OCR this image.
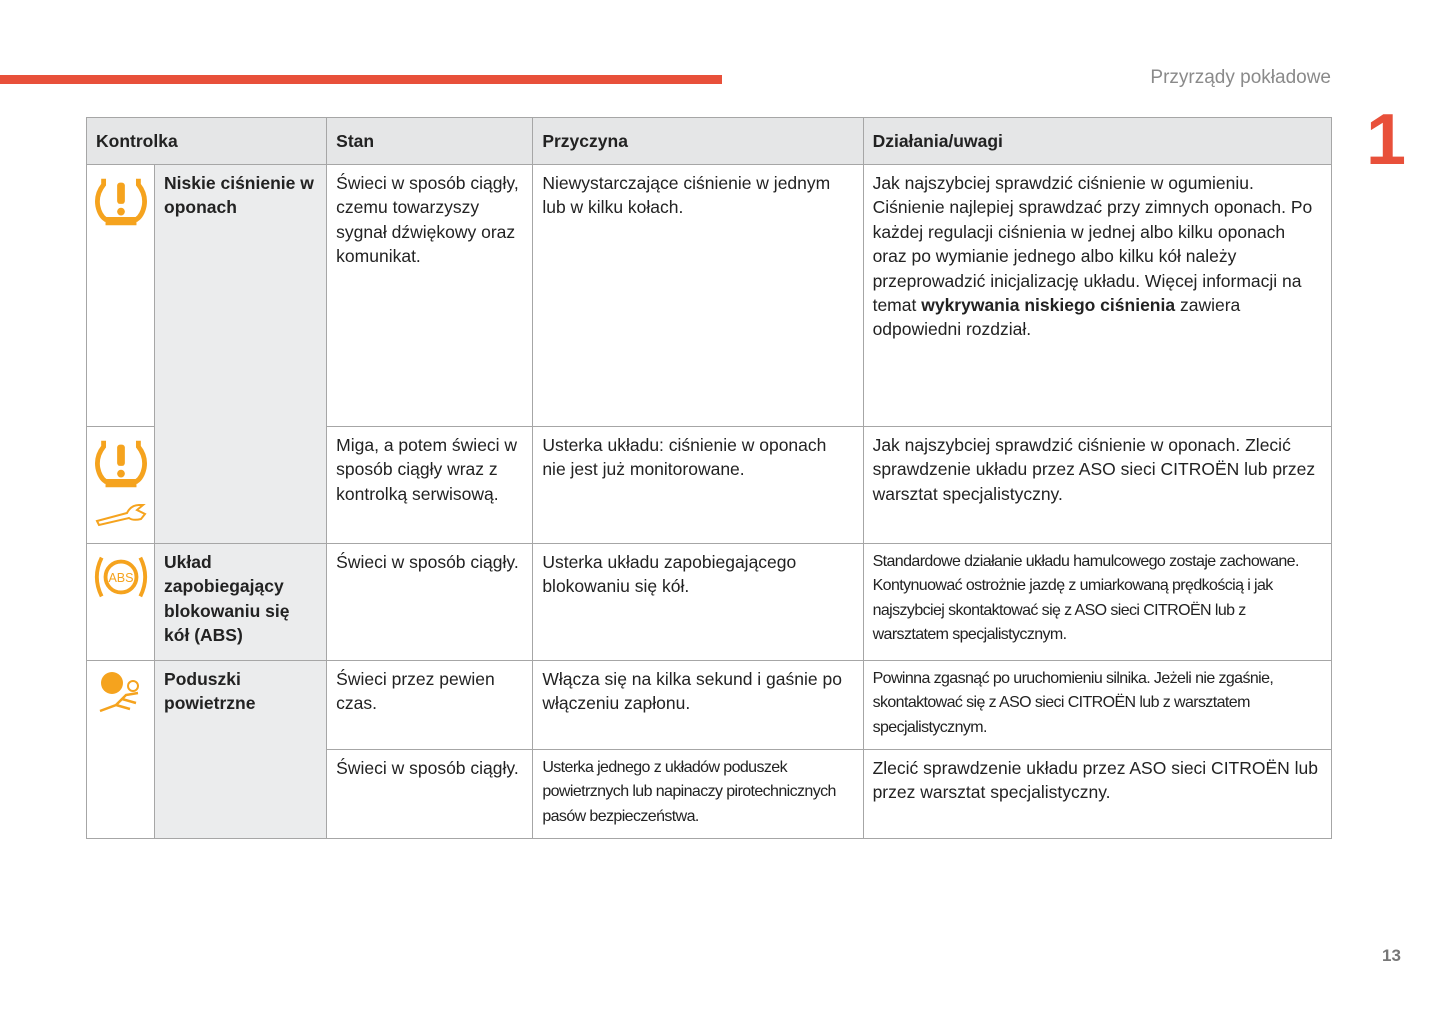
Przyrządy pokładowe
1
Kontrolka		Stan	Przyczyna	Działania/uwagi
	Niskie ciśnienie w oponach	Świeci w sposób ciągły, czemu towarzyszy sygnał dźwiękowy oraz komunikat.	Niewystarczające ciśnienie w jednym lub w kilku kołach.	Jak najszybciej sprawdzić ciśnienie w ogumieniu. Ciśnienie najlepiej sprawdzać przy zimnych oponach. Po każdej regulacji ciśnienia w jednej albo kilku oponach oraz po wymianie jednego albo kilku kół należy przeprowadzić inicjalizację układu. Więcej informacji na temat wykrywania niskiego ciśnienia zawiera odpowiedni rozdział.
	Miga, a potem świeci w sposób ciągły wraz z kontrolką serwisową.	Usterka układu: ciśnienie w oponach nie jest już monitorowane.	Jak najszybciej sprawdzić ciśnienie w oponach. Zlecić sprawdzenie układu przez ASO sieci CITROËN lub przez warsztat specjalistyczny.

ABS	Układ zapobiegający blokowaniu się kół (ABS)	Świeci w sposób ciągły.	Usterka układu zapobiegającego blokowaniu się kół.	Standardowe działanie układu hamulcowego zostaje zachowane. Kontynuować ostrożnie jazdę z umiarkowaną prędkością i jak najszybciej skontaktować się z ASO sieci CITROËN lub z warsztatem specjalistycznym.
	Poduszki powietrzne	Świeci przez pewien czas.	Włącza się na kilka sekund i gaśnie po włączeniu zapłonu.	Powinna zgasnąć po uruchomieniu silnika. Jeżeli nie zgaśnie, skontaktować się z ASO sieci CITROËN lub z warsztatem specjalistycznym.
		Świeci w sposób ciągły.	Usterka jednego z układów poduszek powietrznych lub napinaczy pirotechnicznych pasów bezpieczeństwa.	Zlecić sprawdzenie układu przez ASO sieci CITROËN lub przez warsztat specjalistyczny.
13
